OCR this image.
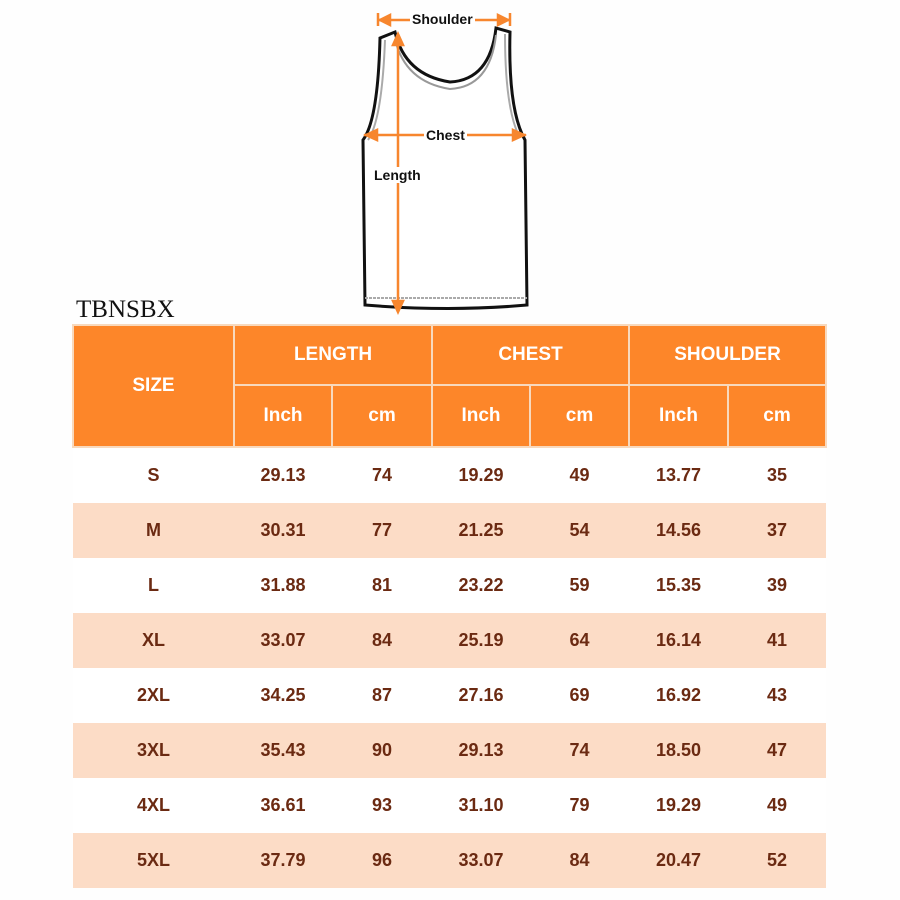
Shoulder
Chest
Length
TBNSBX
SIZE	LENGTH		CHEST		SHOULDER	
	Inch	cm	Inch	cm	Inch	cm
S	29.13	74	19.29	49	13.77	35
M	30.31	77	21.25	54	14.56	37
L	31.88	81	23.22	59	15.35	39
XL	33.07	84	25.19	64	16.14	41
2XL	34.25	87	27.16	69	16.92	43
3XL	35.43	90	29.13	74	18.50	47
4XL	36.61	93	31.10	79	19.29	49
5XL	37.79	96	33.07	84	20.47	52
